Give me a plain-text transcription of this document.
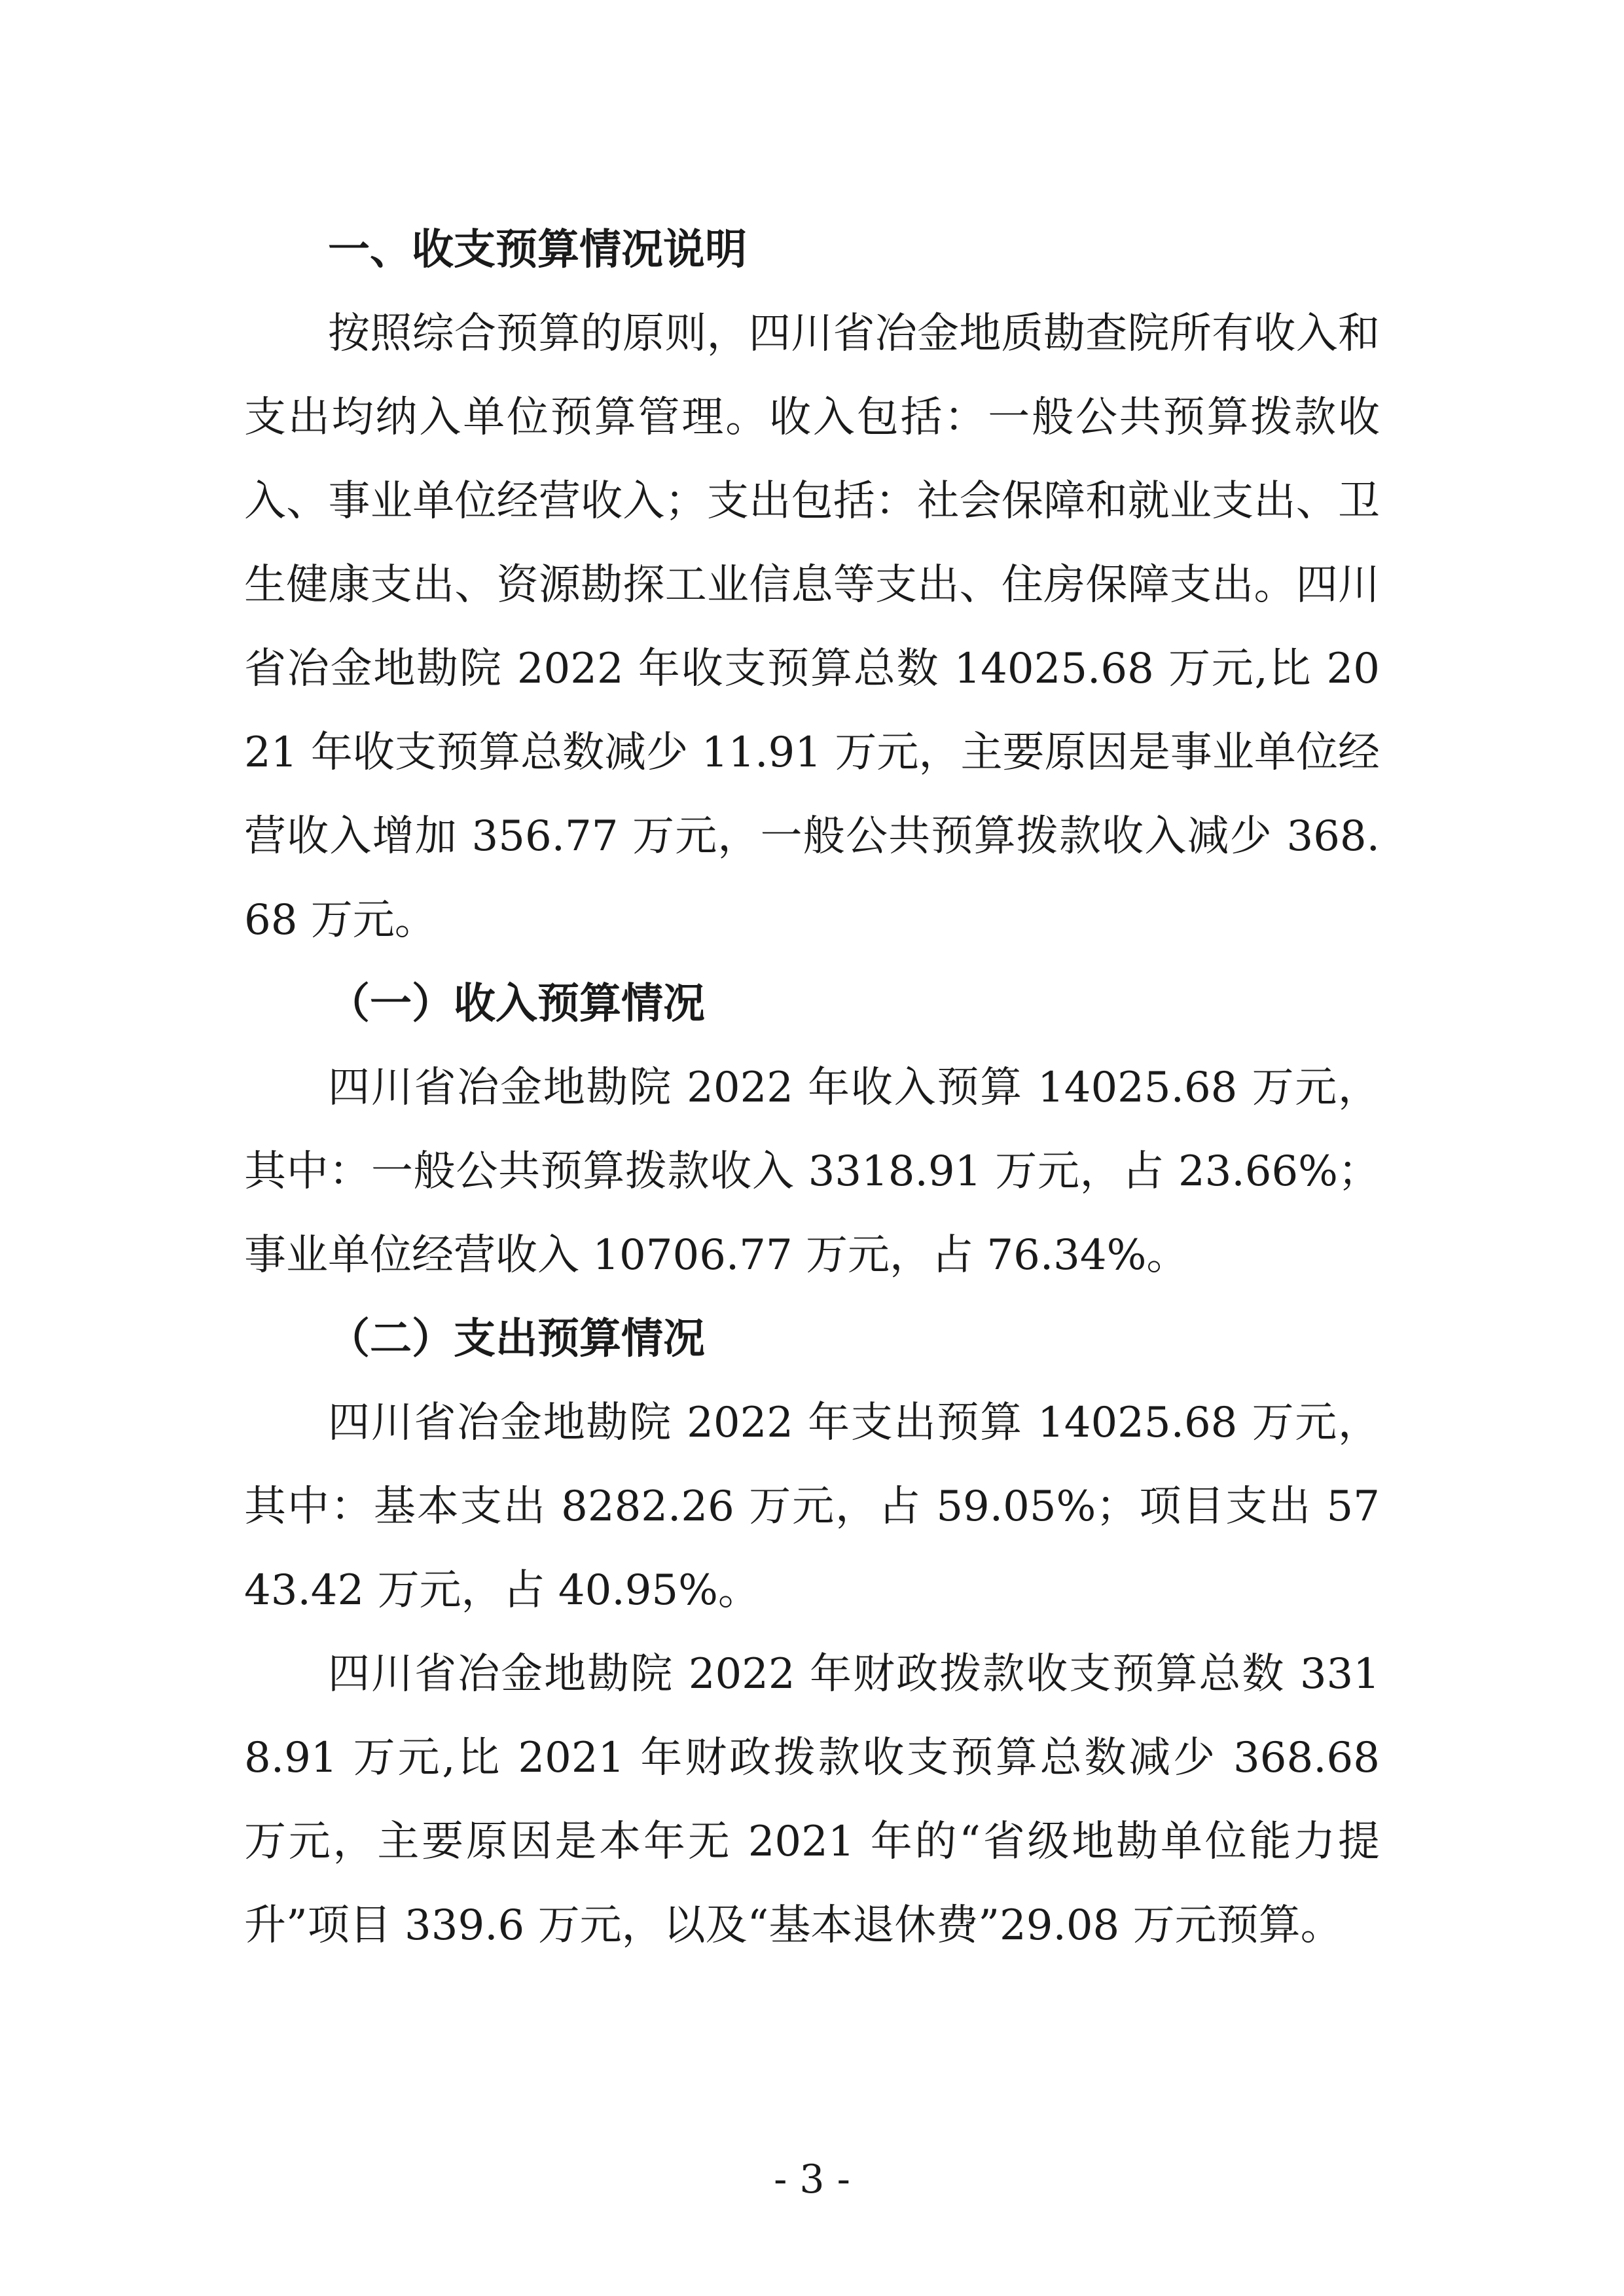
一、收支预算情况说明

按照综合预算的原则，四川省冶金地质勘查院所有收入和支出均纳入单位预算管理。收入包括：一般公共预算拨款收入、事业单位经营收入；支出包括：社会保障和就业支出、卫生健康支出、资源勘探工业信息等支出、住房保障支出。四川省冶金地勘院 2022 年收支预算总数 14025.68 万元,比 2021 年收支预算总数减少 11.91 万元，主要原因是事业单位经营收入增加 356.77 万元，一般公共预算拨款收入减少 368.68 万元。

（一）收入预算情况

四川省冶金地勘院 2022 年收入预算 14025.68 万元，其中：一般公共预算拨款收入 3318.91 万元，占 23.66%；事业单位经营收入 10706.77 万元，占 76.34%。

（二）支出预算情况

四川省冶金地勘院 2022 年支出预算 14025.68 万元，其中：基本支出 8282.26 万元，占 59.05%；项目支出 5743.42 万元，占 40.95%。

四川省冶金地勘院 2022 年财政拨款收支预算总数 3318.91 万元,比 2021 年财政拨款收支预算总数减少 368.68 万元，主要原因是本年无 2021 年的“省级地勘单位能力提升”项目 339.6 万元，以及“基本退休费”29.08 万元预算。

- 3 -
